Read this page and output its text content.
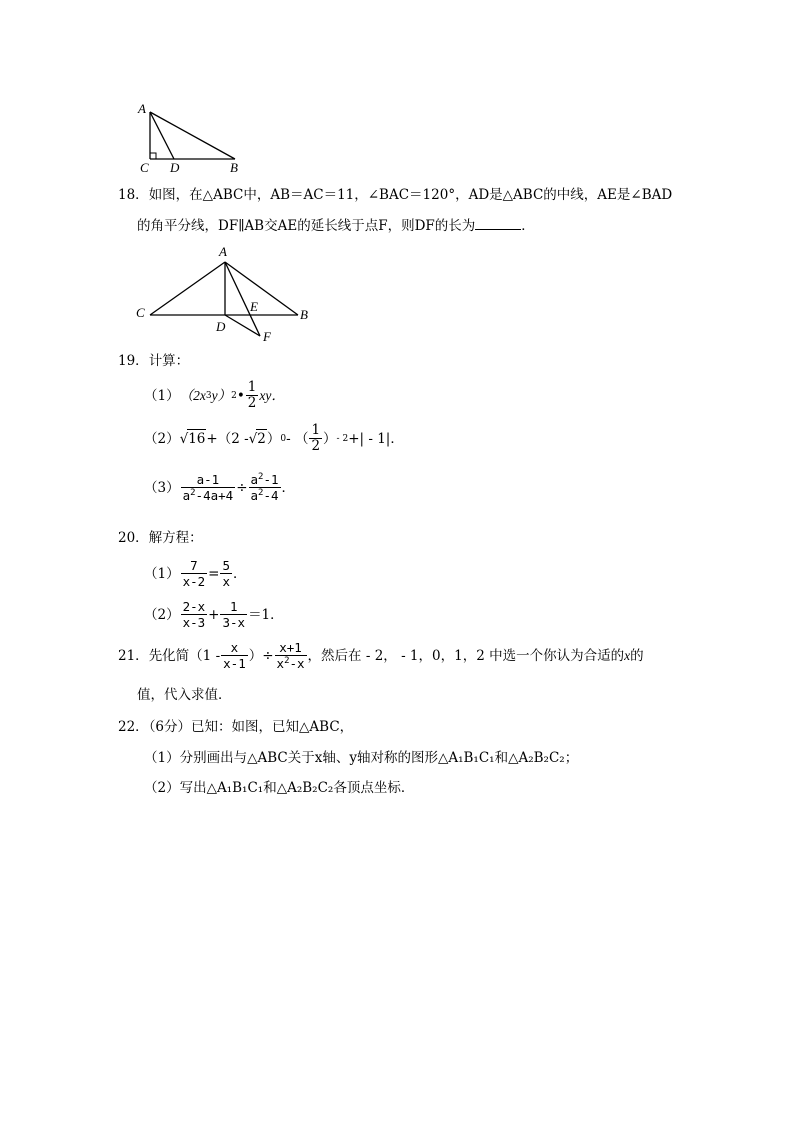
A
C D	B
18．如图，在△ABC中，AB＝AC＝11，∠BAC＝120°，AD是△ABC的中线，AE是∠BAD
的角平分线，DF∥AB交AE的延长线于点F，则DF的长为	．
A
C	E
B
D
F
19．计算：
（1） （2x 3 y） 2 • $\frac{1}{2}$ xy．
（2） √ 16 +（2 - √ 2 ） 0 - （ $\frac{1}{2}$ ） - 2 +| - 1|．
$(3) \frac{a-1}{a^2-4a+4} \div \frac{a^2-1}{a^2-4}$ ．
20．解方程：
$(1) \frac{7}{x-2} = \frac{5}{x}$ ．
$(2) \frac{2-x}{x-3} + \frac{1}{3-x} =1$．
21． 先化简（$1 - \frac{x}{x-1}$ ）÷ $\frac{x+1}{x^2-x}$ ，然后在 - 2， - 1，0，1，2 中选一个你认为合适的 x 的
值，代入求值．
22．（6分）已知：如图，已知△ABC，
（1）分别画出与△ABC关于x轴、y轴对称的图形△A₁B₁C₁和△A₂B₂C₂；
（2）写出△A₁B₁C₁和△A₂B₂C₂各顶点坐标．
